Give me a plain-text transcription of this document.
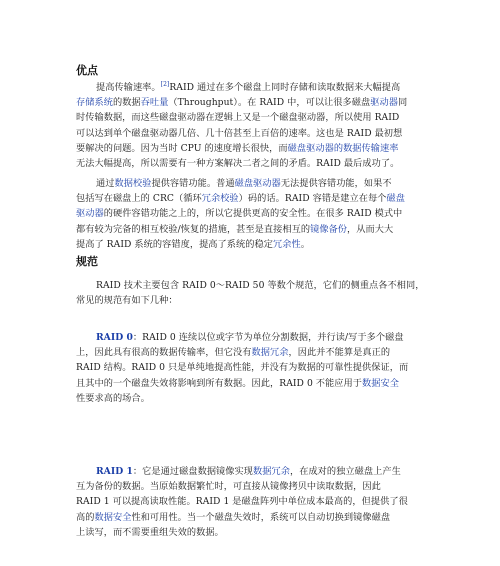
优点
提高传输速率。[2]RAID 通过在多个磁盘上同时存储和读取数据来大幅提高
存储系统的数据吞吐量（Throughput）。在 RAID 中，可以让很多磁盘驱动器同
时传输数据，而这些磁盘驱动器在逻辑上又是一个磁盘驱动器，所以使用 RAID
可以达到单个磁盘驱动器几倍、几十倍甚至上百倍的速率。这也是 RAID 最初想
要解决的问题。因为当时 CPU 的速度增长很快，而磁盘驱动器的数据传输速率
无法大幅提高，所以需要有一种方案解决二者之间的矛盾。RAID 最后成功了。
通过数据校验提供容错功能。普通磁盘驱动器无法提供容错功能，如果不
包括写在磁盘上的 CRC（循环冗余校验）码的话。RAID 容错是建立在每个磁盘
驱动器的硬件容错功能之上的，所以它提供更高的安全性。在很多 RAID 模式中
都有较为完备的相互校验/恢复的措施，甚至是直接相互的镜像备份，从而大大
提高了 RAID 系统的容错度，提高了系统的稳定冗余性。
规范
RAID 技术主要包含 RAID 0～RAID 50 等数个规范，它们的侧重点各不相同，
常见的规范有如下几种：
RAID 0：RAID 0 连续以位或字节为单位分割数据，并行读/写于多个磁盘
上，因此具有很高的数据传输率，但它没有数据冗余，因此并不能算是真正的
RAID 结构。RAID 0 只是单纯地提高性能，并没有为数据的可靠性提供保证，而
且其中的一个磁盘失效将影响到所有数据。因此，RAID 0 不能应用于数据安全
性要求高的场合。
RAID 1：它是通过磁盘数据镜像实现数据冗余，在成对的独立磁盘上产生
互为备份的数据。当原始数据繁忙时，可直接从镜像拷贝中读取数据，因此
RAID 1 可以提高读取性能。RAID 1 是磁盘阵列中单位成本最高的，但提供了很
高的数据安全性和可用性。当一个磁盘失效时，系统可以自动切换到镜像磁盘
上读写，而不需要重组失效的数据。
